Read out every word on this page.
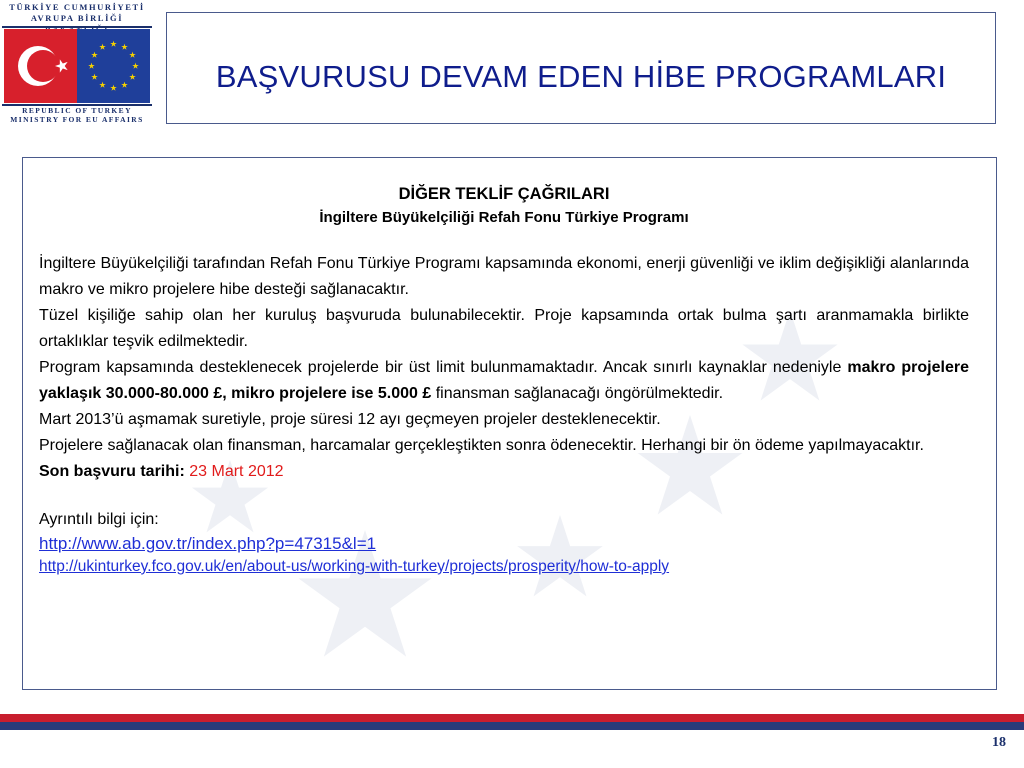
TÜRKİYE CUMHURİYETİ
AVRUPA BİRLİĞİ
REPUBLIC OF TURKEY
MINISTRY FOR EU AFFAIRS
BAŞVURUSU DEVAM EDEN HİBE PROGRAMLARI
DİĞER TEKLİF ÇAĞRILARI
İngiltere Büyükelçiliği Refah Fonu Türkiye Programı
İngiltere Büyükelçiliği tarafından Refah Fonu Türkiye Programı kapsamında ekonomi, enerji güvenliği ve iklim değişikliği alanlarında makro ve mikro projelere hibe desteği sağlanacaktır.
Tüzel kişiliğe sahip olan her kuruluş başvuruda bulunabilecektir. Proje kapsamında ortak bulma şartı aranmamakla birlikte ortaklıklar teşvik edilmektedir.
Program kapsamında desteklenecek projelerde bir üst limit bulunmamaktadır. Ancak sınırlı kaynaklar nedeniyle makro projelere yaklaşık 30.000-80.000 £, mikro projelere ise 5.000 £ finansman sağlanacağı öngörülmektedir.
Mart 2013’ü aşmamak suretiyle, proje süresi 12 ayı geçmeyen projeler desteklenecektir.
Projelere sağlanacak olan finansman, harcamalar gerçekleştikten sonra ödenecektir. Herhangi bir ön ödeme yapılmayacaktır.
Son başvuru tarihi: 23 Mart 2012
Ayrıntılı bilgi için:
http://www.ab.gov.tr/index.php?p=47315&l=1
http://ukinturkey.fco.gov.uk/en/about-us/working-with-turkey/projects/prosperity/how-to-apply
18
